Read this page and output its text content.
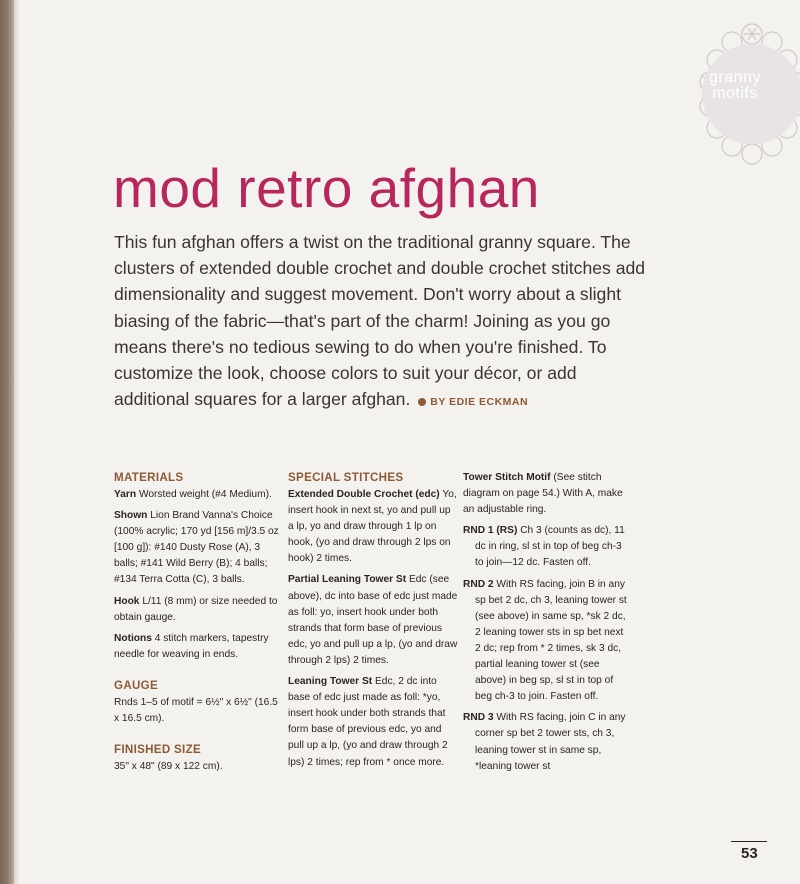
granny
motifs
mod retro afghan

This fun afghan offers a twist on the traditional granny square. The clusters of extended double crochet and double crochet stitches add dimensionality and suggest movement. Don't worry about a slight biasing of the fabric—that's part of the charm! Joining as you go means there's no tedious sewing to do when you're finished. To customize the look, choose colors to suit your décor, or add additional squares for a larger afghan. BY EDIE ECKMAN

MATERIALS

Yarn Worsted weight (#4 Medium).

Shown Lion Brand Vanna's Choice (100% acrylic; 170 yd [156 m]/3.5 oz [100 g]): #140 Dusty Rose (A), 3 balls; #141 Wild Berry (B); 4 balls; #134 Terra Cotta (C), 3 balls.

Hook L/11 (8 mm) or size needed to obtain gauge.

Notions 4 stitch markers, tapestry needle for weaving in ends.

GAUGE

Rnds 1–5 of motif = 6½" x 6½" (16.5 x 16.5 cm).

FINISHED SIZE

35" x 48" (89 x 122 cm).

SPECIAL STITCHES

Extended Double Crochet (edc) Yo, insert hook in next st, yo and pull up a lp, yo and draw through 1 lp on hook, (yo and draw through 2 lps on hook) 2 times.

Partial Leaning Tower St Edc (see above), dc into base of edc just made as foll: yo, insert hook under both strands that form base of previous edc, yo and pull up a lp, (yo and draw through 2 lps) 2 times.

Leaning Tower St Edc, 2 dc into base of edc just made as foll: *yo, insert hook under both strands that form base of previous edc, yo and pull up a lp, (yo and draw through 2 lps) 2 times; rep from * once more.

Tower Stitch Motif (See stitch diagram on page 54.) With A, make an adjustable ring.

RND 1 (RS) Ch 3 (counts as dc), 11 dc in ring, sl st in top of beg ch-3 to join—12 dc. Fasten off.

RND 2 With RS facing, join B in any sp bet 2 dc, ch 3, leaning tower st (see above) in same sp, *sk 2 dc, 2 leaning tower sts in sp bet next 2 dc; rep from * 2 times, sk 3 dc, partial leaning tower st (see above) in beg sp, sl st in top of beg ch-3 to join. Fasten off.

RND 3 With RS facing, join C in any corner sp bet 2 tower sts, ch 3, leaning tower st in same sp, *leaning tower st

53
